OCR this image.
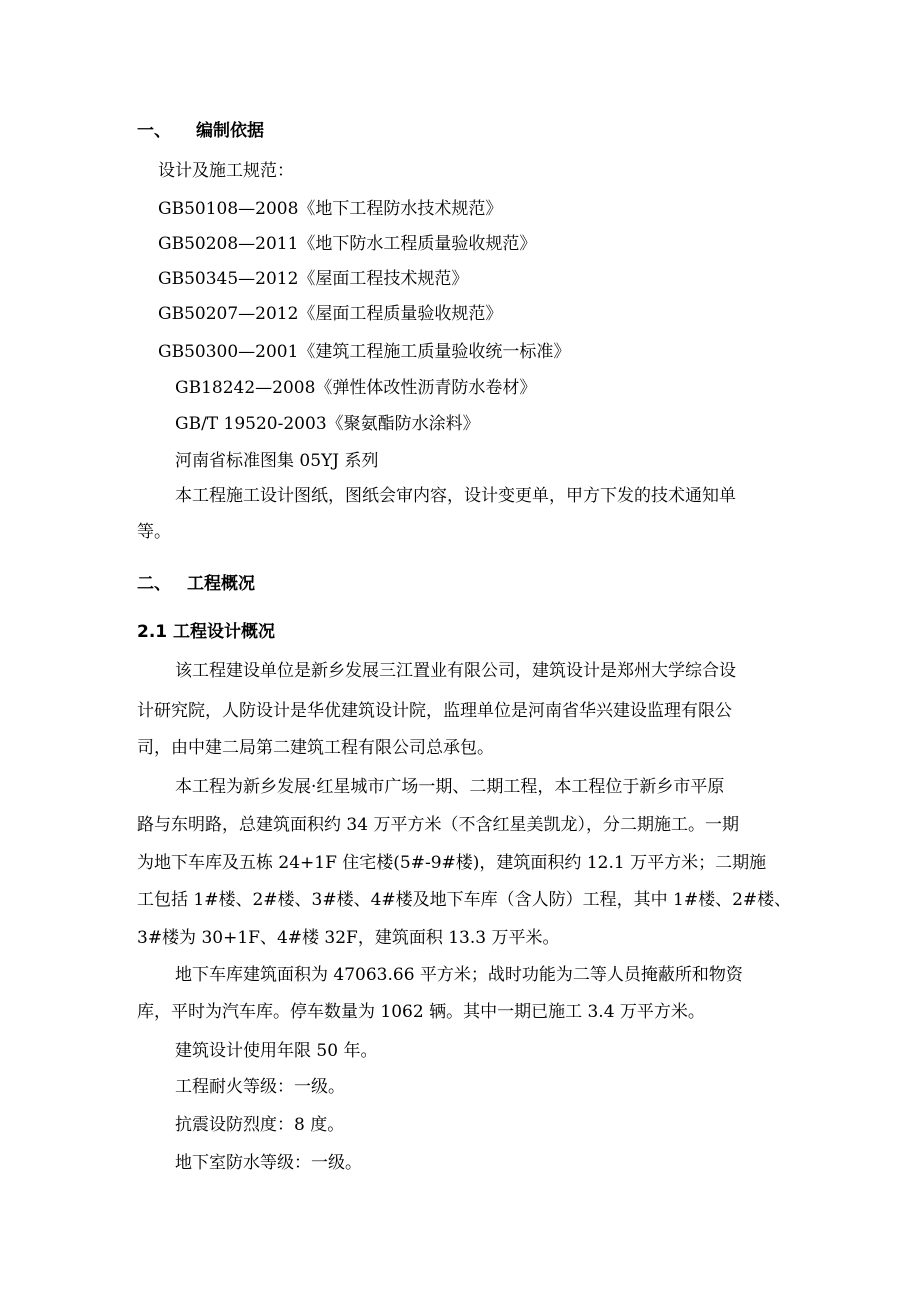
一、 编制依据
设计及施工规范：
GB50108—2008《地下工程防水技术规范》
GB50208—2011《地下防水工程质量验收规范》
GB50345—2012《屋面工程技术规范》
GB50207—2012《屋面工程质量验收规范》
GB50300—2001《建筑工程施工质量验收统一标准》
GB18242—2008《弹性体改性沥青防水卷材》
GB/T 19520-2003《聚氨酯防水涂料》
河南省标准图集 05YJ 系列
本工程施工设计图纸，图纸会审内容，设计变更单，甲方下发的技术通知单
等。
二、 工程概况
2.1 工程设计概况
该工程建设单位是新乡发展三江置业有限公司，建筑设计是郑州大学综合设
计研究院，人防设计是华优建筑设计院，监理单位是河南省华兴建设监理有限公
司，由中建二局第二建筑工程有限公司总承包。
本工程为新乡发展·红星城市广场一期、二期工程，本工程位于新乡市平原
路与东明路，总建筑面积约 34 万平方米（不含红星美凯龙），分二期施工。一期
为地下车库及五栋 24+1F 住宅楼(5#-9#楼)，建筑面积约 12.1 万平方米；二期施
工包括 1#楼、2#楼、3#楼、4#楼及地下车库（含人防）工程，其中 1#楼、2#楼、
3#楼为 30+1F、4#楼 32F，建筑面积 13.3 万平米。
地下车库建筑面积为 47063.66 平方米；战时功能为二等人员掩蔽所和物资
库，平时为汽车库。停车数量为 1062 辆。其中一期已施工 3.4 万平方米。
建筑设计使用年限 50 年。
工程耐火等级：一级。
抗震设防烈度：8 度。
地下室防水等级：一级。
